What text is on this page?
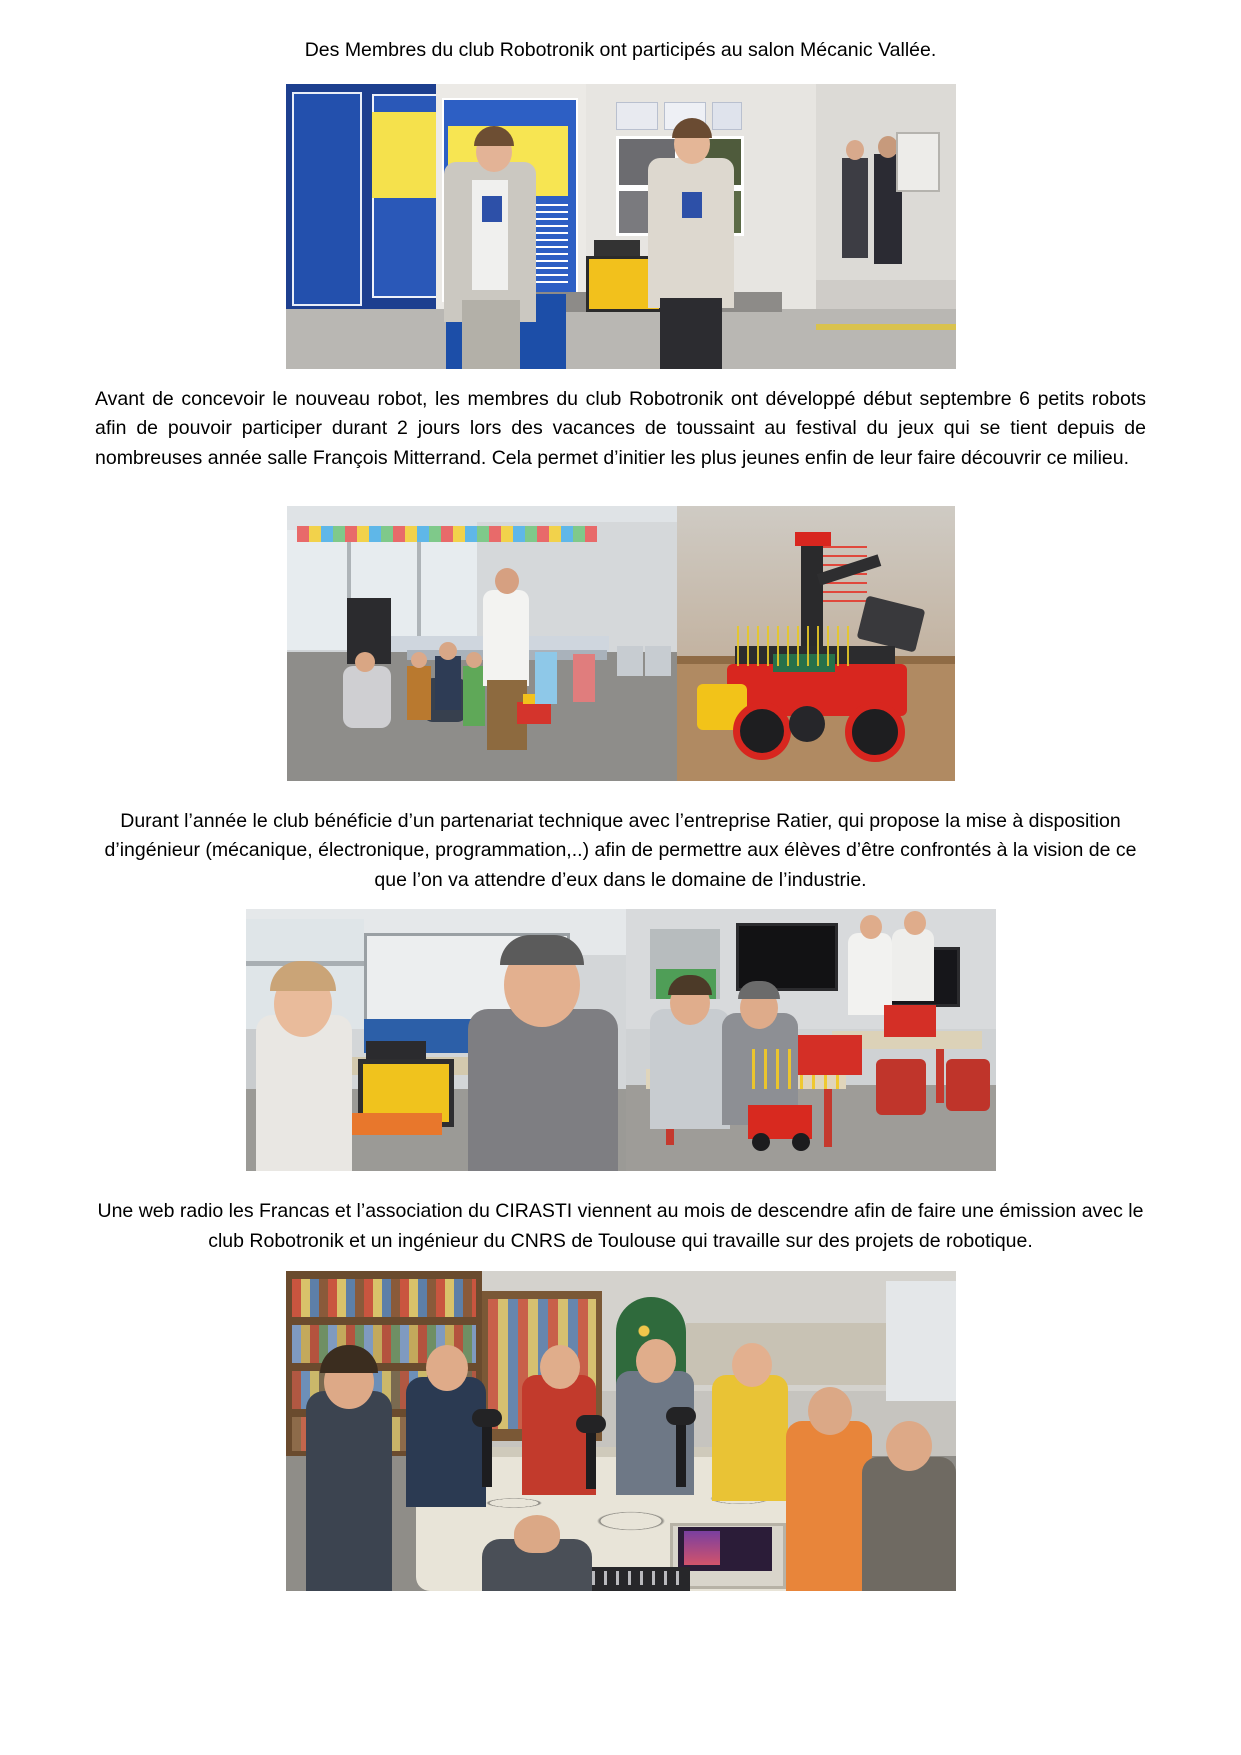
Des Membres du club Robotronik ont participés au salon Mécanic Vallée.

Avant de concevoir le nouveau robot, les membres du club Robotronik ont développé début septembre 6 petits robots afin de pouvoir participer durant 2 jours lors des vacances de toussaint au festival du jeux qui se tient depuis de nombreuses année salle François Mitterrand. Cela permet d’initier les plus jeunes enfin de leur faire découvrir ce milieu.

Durant l’année le club bénéficie d’un partenariat technique avec l’entreprise Ratier, qui propose la mise à disposition d’ingénieur (mécanique, électronique, programmation,..) afin de permettre aux élèves d’être confrontés à la vision de ce que l’on va attendre d’eux dans le domaine de l’industrie.

Une web radio les Francas et l’association du CIRASTI viennent au mois de descendre afin de faire une émission avec le club Robotronik et un ingénieur du CNRS de Toulouse qui travaille sur des projets de robotique.
